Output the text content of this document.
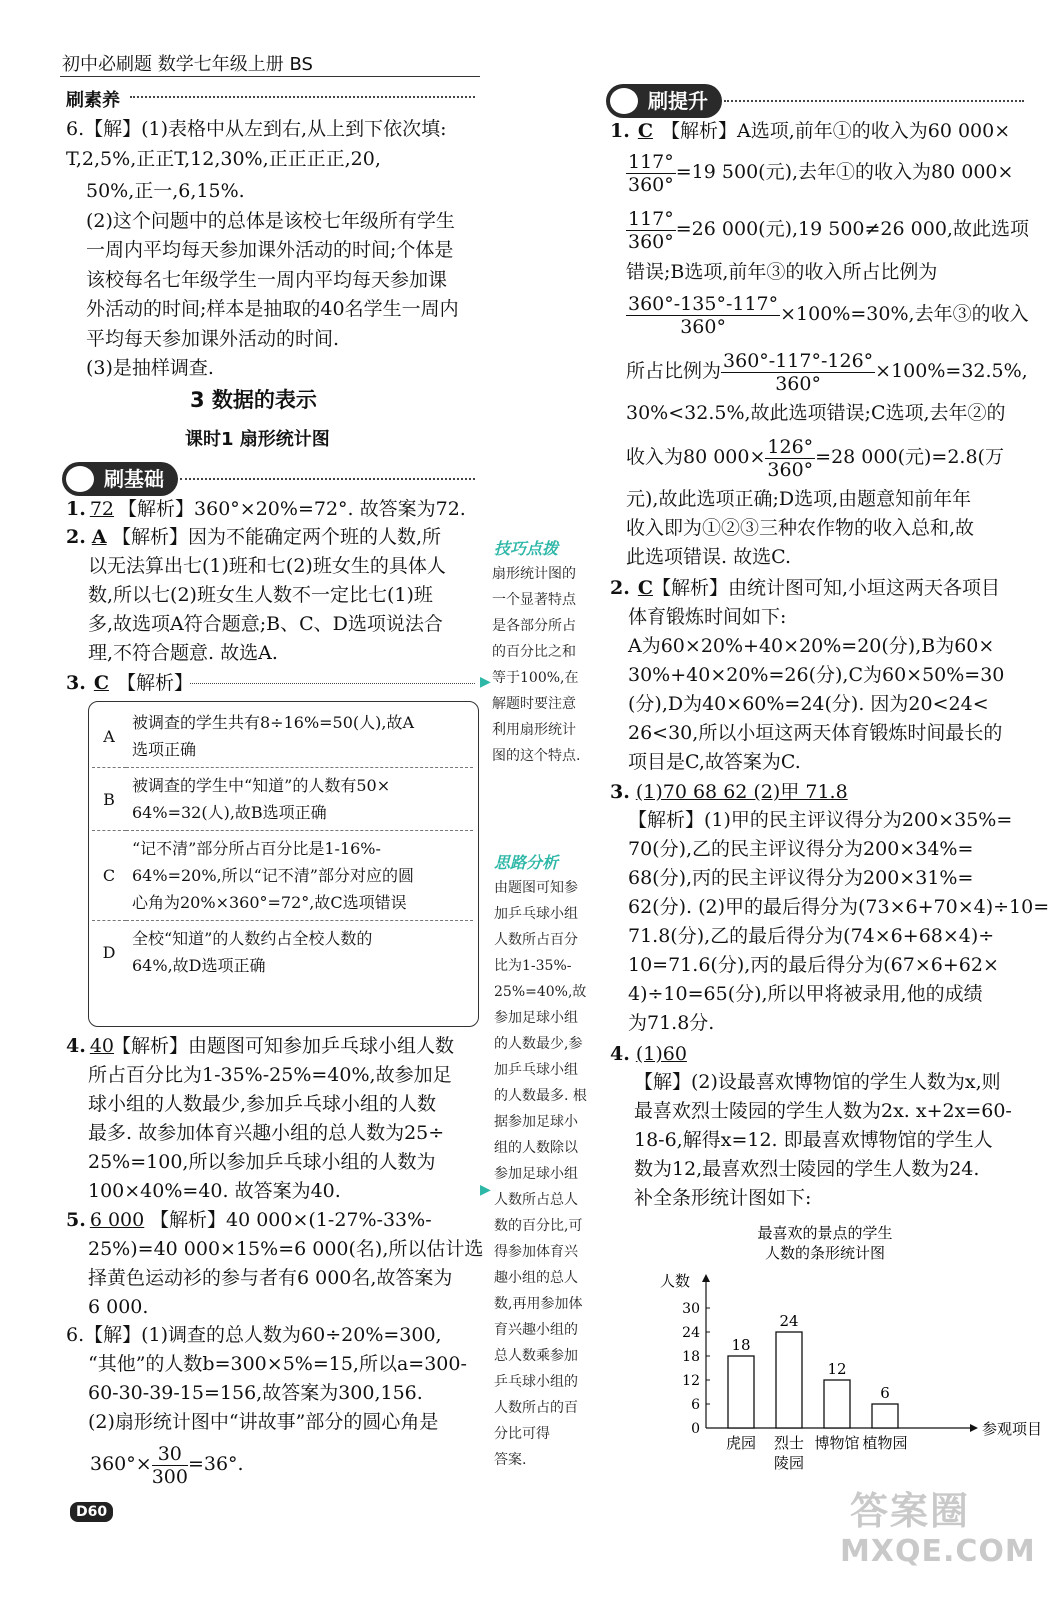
初中必刷题 数学七年级上册 BS
刷素养
6.【解】(1)表格中从左到右,从上到下依次填:
T,2,5%,正正T,12,30%,正正正正,20,
50%,正一,6,15%.
(2)这个问题中的总体是该校七年级所有学生
一周内平均每天参加课外活动的时间;个体是
该校每名七年级学生一周内平均每天参加课
外活动的时间;样本是抽取的40名学生一周内
平均每天参加课外活动的时间.
(3)是抽样调查.
3 数据的表示
课时1 扇形统计图
刷基础
1. 72 【解析】360°×20%=72°. 故答案为72.
2. A 【解析】因为不能确定两个班的人数,所
以无法算出七(1)班和七(2)班女生的具体人
数,所以七(2)班女生人数不一定比七(1)班
多,故选项A符合题意;B、C、D选项说法合
理,不符合题意. 故选A.
3. C 【解析】
A	被调查的学生共有8÷16%=50(人),故A
选项正确

B	被调查的学生中“知道”的人数有50×
64%=32(人),故B选项正确

C	“记不清”部分所占百分比是1-16%-
64%=20%,所以“记不清”部分对应的圆
心角为20%×360°=72°,故C选项错误

D	全校“知道”的人数约占全校人数的
64%,故D选项正确
4. 40
【解析】由题图可知参加乒乓球小组人数
所占百分比为1-35%-25%=40%,故参加足
球小组的人数最少,参加乒乓球小组的人数
最多. 故参加体育兴趣小组的总人数为25÷
25%=100,所以参加乒乓球小组的人数为
100×40%=40. 故答案为40.
5. 6 000 【解析】40 000×(1-27%-33%-
25%)=40 000×15%=6 000(名),所以估计选
择黄色运动衫的参与者有6 000名,故答案为
6 000.
6.【解】(1)调查的总人数为60÷20%=300,
“其他”的人数b=300×5%=15,所以a=300-
60-30-39-15=156,故答案为300,156.
(2)扇形统计图中“讲故事”部分的圆心角是
$360^\circ\times \frac{30}{300} =36^\circ$.
技巧点拨
扇形统计图的
一个显著特点
是各部分所占
的百分比之和
等于100%,在
解题时要注意
利用扇形统计
图的这个特点.
▶
思路分析
由题图可知参
加乒乓球小组
人数所占百分
比为1-35%-
25%=40%,故
参加足球小组
的人数最少,参
加乒乓球小组
的人数最多. 根
据参加足球小
组的人数除以
参加足球小组
人数所占总人
数的百分比,可
得参加体育兴
趣小组的总人
数,再用参加体
育兴趣小组的
总人数乘参加
乒乓球小组的
人数所占的百
分比可得
答案.
▶
刷提升
1. C 【解析】A选项,前年①的收入为60 000×
$\frac{117^\circ}{360^\circ} =19$ 500(元),去年①的收入为80 000×
$\frac{117^\circ}{360^\circ} =26$ 000(元),19 500≠26 000,故此选项
错误;B选项,前年③的收入所占比例为
$\frac{360^\circ-135^\circ-117^\circ}{360^\circ} \times 100\%=30\%$,去年③的收入
所占比例为 $\frac{360^\circ-117^\circ-126^\circ}{360^\circ} \times 100\%=32.5\%$,
30%<32.5%,故此选项错误;C选项,去年②的
收入为80 $000\times \frac{126^\circ}{360^\circ} =28$ 000(元)=2.8(万
元),故此选项正确;D选项,由题意知前年年
收入即为①②③三种农作物的收入总和,故
此选项错误. 故选C.
2. C 【解析】由统计图可知,小垣这两天各项目
体育锻炼时间如下:
A为60×20%+40×20%=20(分),B为60×
30%+40×20%=26(分),C为60×50%=30
(分),D为40×60%=24(分). 因为20<24<
26<30,所以小垣这两天体育锻炼时间最长的
项目是C,故答案为C.
3. (1)70 68 62 (2)甲 71.8
【解析】(1)甲的民主评议得分为200×35%=
70(分),乙的民主评议得分为200×34%=
68(分),丙的民主评议得分为200×31%=
62(分). (2)甲的最后得分为(73×6+70×4)÷10=
71.8(分),乙的最后得分为(74×6+68×4)÷
10=71.6(分),丙的最后得分为(67×6+62×
4)÷10=65(分),所以甲将被录用,他的成绩
为71.8分.
4. (1)60
【解】(2)设最喜欢博物馆的学生人数为x,则
最喜欢烈士陵园的学生人数为2x. x+2x=60-
18-6,解得x=12. 即最喜欢博物馆的学生人
数为12,最喜欢烈士陵园的学生人数为24.
补全条形统计图如下:
最喜欢的景点的学生
人数的条形统计图
人数
参观项目
0
6
12
18
24
30
18
虎园
24
烈士
陵园
12
博物馆
6
植物园
D60	答案圈
MXQE.COM
